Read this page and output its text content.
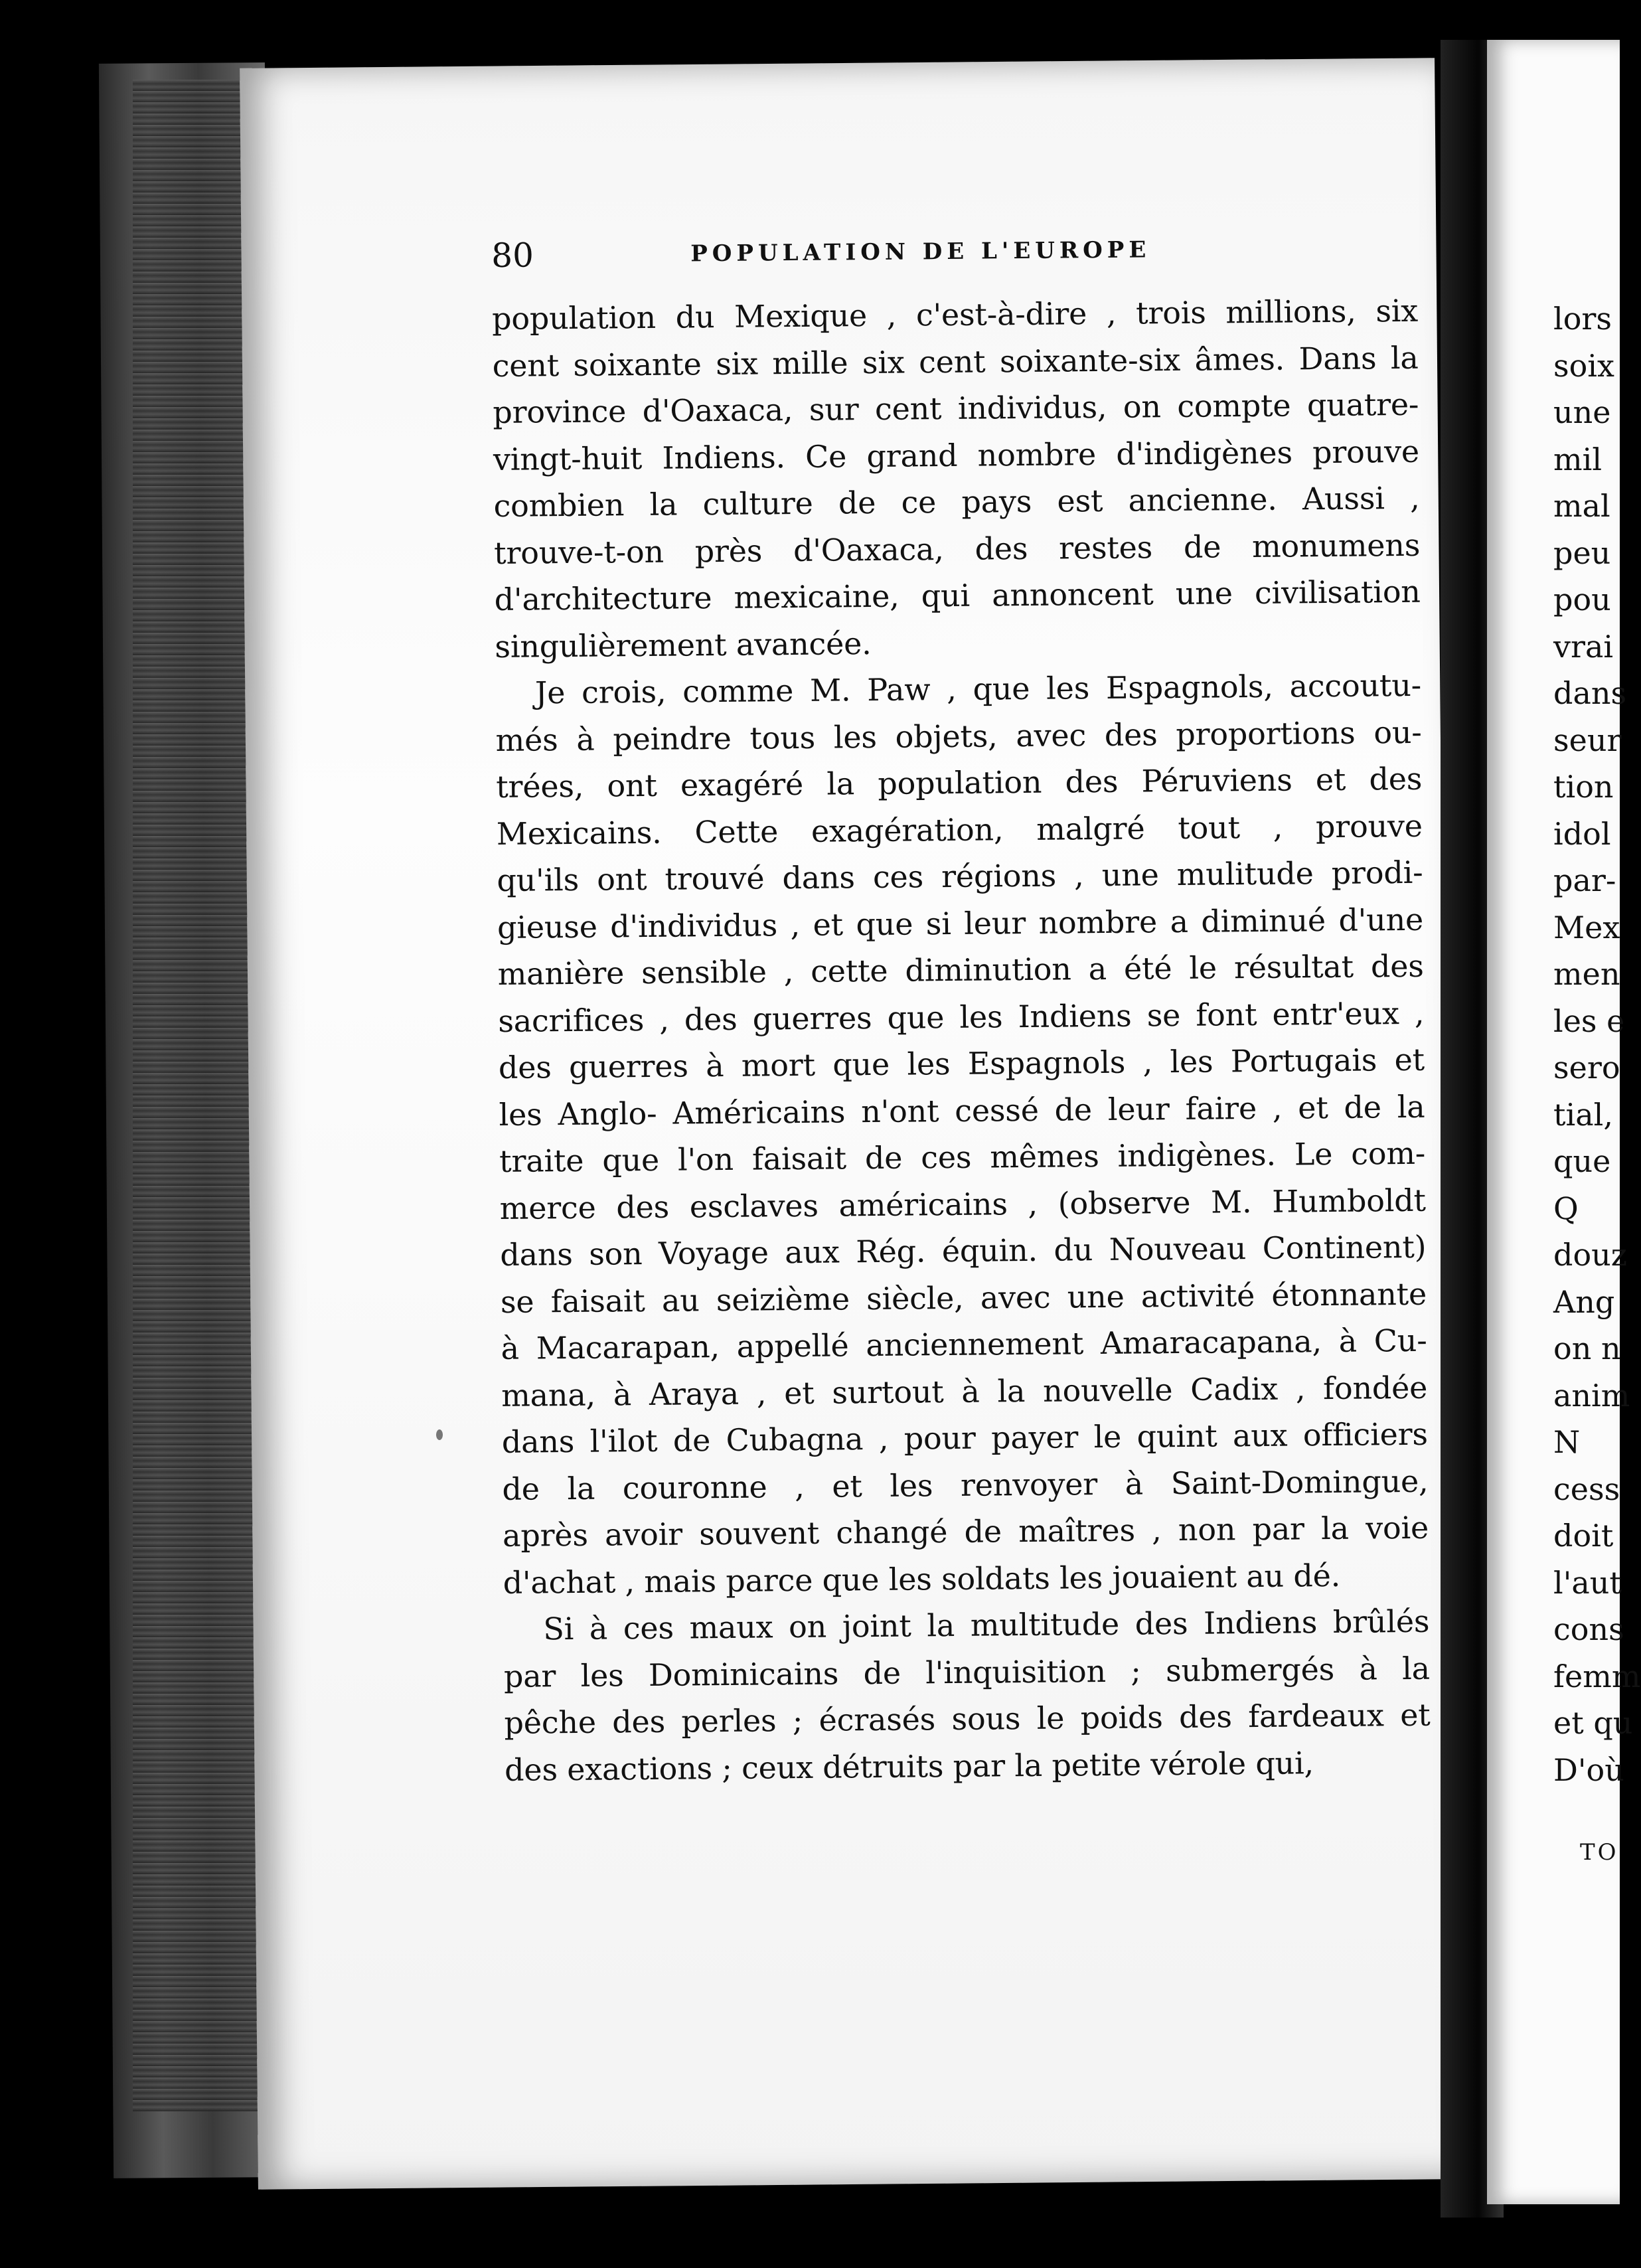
80	POPULATION DE L'EUROPE
population du Mexique , c'est-à-dire , trois millions, six
cent soixante six mille six cent soixante-six âmes. Dans la
province d'Oaxaca, sur cent individus, on compte quatre-
vingt-huit Indiens. Ce grand nombre d'indigènes prouve
combien la culture de ce pays est ancienne. Aussi ,
trouve-t-on près d'Oaxaca, des restes de monumens
d'architecture mexicaine, qui annoncent une civilisation
singulièrement avancée.
Je crois, comme M. Paw , que les Espagnols, accoutu-
més à peindre tous les objets, avec des proportions ou-
trées, ont exagéré la population des Péruviens et des
Mexicains. Cette exagération, malgré tout , prouve
qu'ils ont trouvé dans ces régions , une mulitude prodi-
gieuse d'individus , et que si leur nombre a diminué d'une
manière sensible , cette diminution a été le résultat des
sacrifices , des guerres que les Indiens se font entr'eux ,
des guerres à mort que les Espagnols , les Portugais et
les Anglo- Américains n'ont cessé de leur faire , et de la
traite que l'on faisait de ces mêmes indigènes. Le com-
merce des esclaves américains , (observe M. Humboldt
dans son Voyage aux Rég. équin. du Nouveau Continent)
se faisait au seizième siècle, avec une activité étonnante
à Macarapan, appellé anciennement Amaracapana, à Cu-
mana, à Araya , et surtout à la nouvelle Cadix , fondée
dans l'ilot de Cubagna , pour payer le quint aux officiers
de la couronne , et les renvoyer à Saint-Domingue,
après avoir souvent changé de maîtres , non par la voie
d'achat , mais parce que les soldats les jouaient au dé.
Si à ces maux on joint la multitude des Indiens brûlés
par les Dominicains de l'inquisition ; submergés à la
pêche des perles ; écrasés sous le poids des fardeaux et
des exactions ; ceux détruits par la petite vérole qui,
lors
soix
une
mil
mal
peu
pou
vrai
dans
seur
tion
idol
par-
Mex
men
les e
sero
tial,
que
Q
douz
Ang
on n
anim
N
cess
doit
l'aut
cons
femm
et qu
D'où
TO
